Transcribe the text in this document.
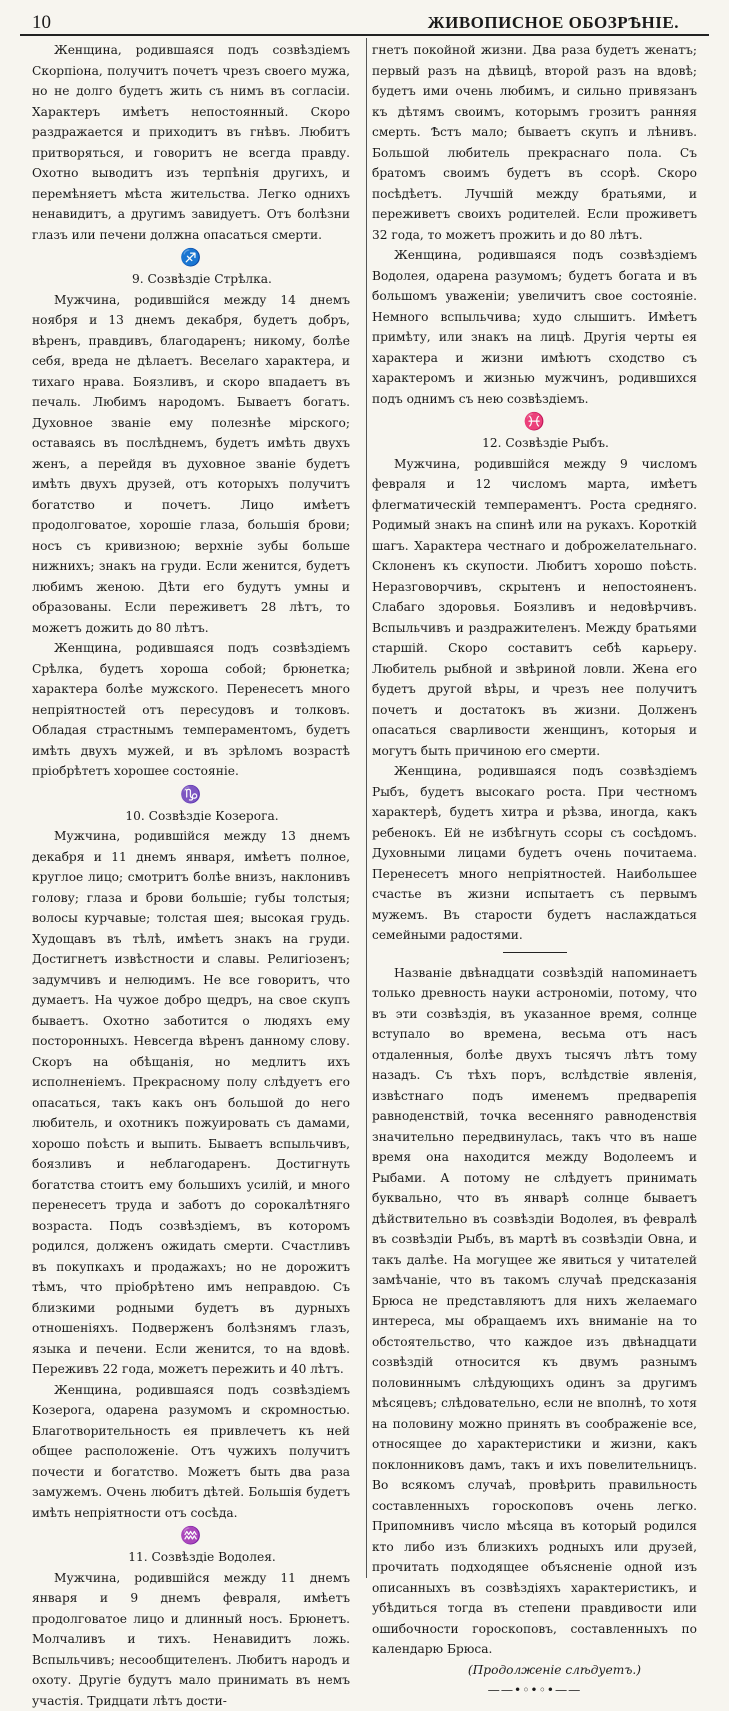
10	ЖИВОПИСНОЕ ОБОЗРѢНІЕ.

Женщина, родившаяся подъ созвѣздіемъ Скорпіона, получитъ почетъ чрезъ своего мужа, но не долго будетъ жить съ нимъ въ согласіи. Характеръ имѣетъ непостоянный. Скоро раздражается и приходитъ въ гнѣвъ. Любитъ притворяться, и говоритъ не всегда правду. Охотно выводитъ изъ терпѣнія другихъ, и перемѣняетъ мѣста жительства. Легко однихъ ненавидитъ, а другимъ завидуетъ. Отъ болѣзни глазъ или печени должна опасаться смерти.

♐

9. Созвѣздіе Стрѣлка.

Мужчина, родившійся между 14 днемъ ноября и 13 днемъ декабря, будетъ добръ, вѣренъ, правдивъ, благодаренъ; никому, болѣе себя, вреда не дѣлаетъ. Веселаго характера, и тихаго нрава. Боязливъ, и скоро впадаетъ въ печаль. Любимъ народомъ. Бываетъ богатъ. Духовное званіе ему полезнѣе мірского; оставаясь въ послѣднемъ, будетъ имѣть двухъ женъ, а перейдя въ духовное званіе будетъ имѣть двухъ друзей, отъ которыхъ получитъ богатство и почетъ. Лицо имѣетъ продолговатое, хорошіе глаза, большія брови; носъ съ кривизною; верхніе зубы больше нижнихъ; знакъ на груди. Если женится, будетъ любимъ женою. Дѣти его будутъ умны и образованы. Если переживетъ 28 лѣтъ, то можетъ дожить до 80 лѣтъ.

Женщина, родившаяся подъ созвѣздіемъ Срѣлка, будетъ хороша собой; брюнетка; характера болѣе мужского. Перенесетъ много непріятностей отъ пересудовъ и толковъ. Обладая страстнымъ темпераментомъ, будетъ имѣть двухъ мужей, и въ зрѣломъ возрастѣ пріобрѣтетъ хорошее состояніе.

♑

10. Созвѣздіе Козерога.

Мужчина, родившійся между 13 днемъ декабря и 11 днемъ января, имѣетъ полное, круглое лицо; смотритъ болѣе внизъ, наклонивъ голову; глаза и брови большіе; губы толстыя; волосы курчавые; толстая шея; высокая грудь. Худощавъ въ тѣлѣ, имѣетъ знакъ на груди. Достигнетъ извѣстности и славы. Религіозенъ; задумчивъ и нелюдимъ. Не все говоритъ, что думаетъ. На чужое добро щедръ, на свое скупъ бываетъ. Охотно заботится о людяхъ ему посторонныхъ. Невсегда вѣренъ данному слову. Скоръ на обѣщанія, но медлитъ ихъ исполненіемъ. Прекрасному полу слѣдуетъ его опасаться, такъ какъ онъ большой до него любитель, и охотникъ пожуировать съ дамами, хорошо поѣсть и выпить. Бываетъ вспыльчивъ, боязливъ и неблагодаренъ. Достигнуть богатства стоитъ ему большихъ усилій, и много перенесетъ труда и заботъ до сорокалѣтняго возраста. Подъ созвѣздіемъ, въ которомъ родился, долженъ ожидать смерти. Счастливъ въ покупкахъ и продажахъ; но не дорожитъ тѣмъ, что пріобрѣтено имъ неправдою. Съ близкими родными будетъ въ дурныхъ отношеніяхъ. Подверженъ болѣзнямъ глазъ, языка и печени. Если женится, то на вдовѣ. Переживъ 22 года, можетъ пережить и 40 лѣтъ.

Женщина, родившаяся подъ созвѣздіемъ Козерога, одарена разумомъ и скромностью. Благотворительность ея привлечетъ къ ней общее расположеніе. Отъ чужихъ получитъ почести и богатство. Можетъ быть два раза замужемъ. Очень любитъ дѣтей. Большія будетъ имѣть непріятности отъ сосѣда.

♒

11. Созвѣздіе Водолея.

Мужчина, родившійся между 11 днемъ января и 9 днемъ февраля, имѣетъ продолговатое лицо и длинный носъ. Брюнетъ. Молчаливъ и тихъ. Ненавидитъ ложь. Вспыльчивъ; несообщителенъ. Любитъ народъ и охоту. Другіе будутъ мало принимать въ немъ участія. Тридцати лѣтъ дости-

гнетъ покойной жизни. Два раза будетъ женатъ; первый разъ на дѣвицѣ, второй разъ на вдовѣ; будетъ ими очень любимъ, и сильно привязанъ къ дѣтямъ своимъ, которымъ грозитъ ранняя смерть. Ѣстъ мало; бываетъ скупъ и лѣнивъ. Большой любитель прекраснаго пола. Съ братомъ своимъ будетъ въ ссорѣ. Скоро посѣдѣетъ. Лучшій между братьями, и переживетъ своихъ родителей. Если проживетъ 32 года, то можетъ прожить и до 80 лѣтъ.

Женщина, родившаяся подъ созвѣздіемъ Водолея, одарена разумомъ; будетъ богата и въ большомъ уваженіи; увеличитъ свое состояніе. Немного вспыльчива; худо слышитъ. Имѣетъ примѣту, или знакъ на лицѣ. Другія черты ея характера и жизни имѣютъ сходство съ характеромъ и жизнью мужчинъ, родившихся подъ однимъ съ нею созвѣздіемъ.

♓

12. Созвѣздіе Рыбъ.

Мужчина, родившійся между 9 числомъ февраля и 12 числомъ марта, имѣетъ флегматическій темпераментъ. Роста средняго. Родимый знакъ на спинѣ или на рукахъ. Короткій шагъ. Характера честнаго и доброжелательнаго. Склоненъ къ скупости. Любитъ хорошо поѣсть. Неразговорчивъ, скрытенъ и непостояненъ. Слабаго здоровья. Боязливъ и недовѣрчивъ. Вспыльчивъ и раздражителенъ. Между братьями старшій. Скоро составитъ себѣ карьеру. Любитель рыбной и звѣриной ловли. Жена его будетъ другой вѣры, и чрезъ нее получитъ почетъ и достатокъ въ жизни. Долженъ опасаться сварливости женщинъ, которыя и могутъ быть причиною его смерти.

Женщина, родившаяся подъ созвѣздіемъ Рыбъ, будетъ высокаго роста. При честномъ характерѣ, будетъ хитра и рѣзва, иногда, какъ ребенокъ. Ей не избѣгнуть ссоры съ сосѣдомъ. Духовными лицами будетъ очень почитаема. Перенесетъ много непріятностей. Наибольшее счастье въ жизни испытаетъ съ первымъ мужемъ. Въ старости будетъ наслаждаться семейными радостями.

Названіе двѣнадцати созвѣздій напоминаетъ только древность науки астрономіи, потому, что въ эти созвѣздія, въ указанное время, солнце вступало во времена, весьма отъ насъ отдаленныя, болѣе двухъ тысячъ лѣтъ тому назадъ. Съ тѣхъ поръ, вслѣдствіе явленія, извѣстнаго подъ именемъ предварепія равноденствій, точка весенняго равноденствія значительно передвинулась, такъ что въ наше время она находится между Водолеемъ и Рыбами. А потому не слѣдуетъ принимать буквально, что въ январѣ солнце бываетъ дѣйствительно въ созвѣздіи Водолея, въ февралѣ въ созвѣздіи Рыбъ, въ мартѣ въ созвѣздіи Овна, и такъ далѣе. На могущее же явиться у читателей замѣчаніе, что въ такомъ случаѣ предсказанія Брюса не представляютъ для нихъ желаемаго интереса, мы обращаемъ ихъ вниманіе на то обстоятельство, что каждое изъ двѣнадцати созвѣздій относится къ двумъ разнымъ половиннымъ слѣдующихъ одинъ за другимъ мѣсяцевъ; слѣдовательно, если не вполнѣ, то хотя на половину можно принять въ соображеніе все, относящее до характеристики и жизни, какъ поклонниковъ дамъ, такъ и ихъ повелительницъ. Во всякомъ случаѣ, провѣрить правильность составленныхъ гороскоповъ очень легко. Припомнивъ число мѣсяца въ который родился кто либо изъ близкихъ родныхъ или друзей, прочитать подходящее объясненіе одной изъ описанныхъ въ созвѣздіяхъ характеристикъ, и убѣдиться тогда въ степени правдивости или ошибочности гороскоповъ, составленныхъ по календарю Брюса.

(Продолженіе слѣдуетъ.)
——•◦•◦•——
